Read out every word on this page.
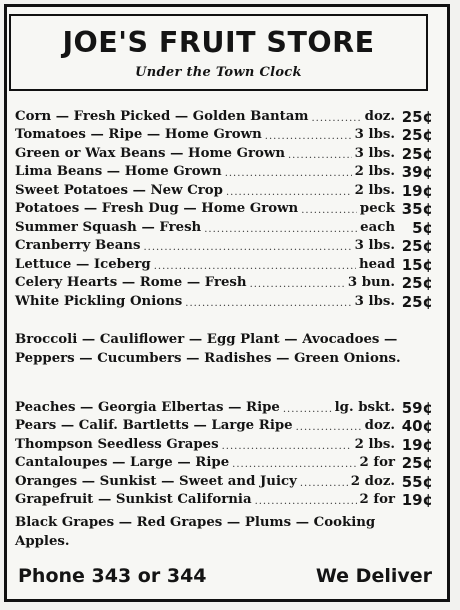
JOE'S FRUIT STORE
Under the Town Clock
Corn — Fresh Picked — Golden Bantam .....	doz. 25¢
Tomatoes — Ripe — Home Grown .....	3 lbs. 25¢
Green or Wax Beans — Home Grown .....	3 lbs. 25¢
Lima Beans — Home Grown .....	2 lbs. 39¢
Sweet Potatoes — New Crop .....	2 lbs. 19¢
Potatoes — Fresh Dug — Home Grown .....	peck 35¢
Summer Squash — Fresh .....	each	5¢
Cranberry Beans .....	3 lbs. 25¢
Lettuce — Iceberg .....	head 15¢
Celery Hearts — Rome — Fresh .....	3 bun. 25¢
White Pickling Onions .....	3 lbs. 25¢
Broccoli — Cauliflower — Egg Plant — Avocadoes — Peppers — Cucumbers — Radishes — Green Onions.
Peaches — Georgia Elbertas — Ripe .....	lg. bskt. 59¢
Pears — Calif. Bartletts — Large Ripe .....	doz. 40¢
Thompson Seedless Grapes .....	2 lbs. 19¢
Cantaloupes — Large — Ripe .....	2 for 25¢
Oranges — Sunkist — Sweet and Juicy .....	2 doz. 55¢
Grapefruit — Sunkist California .....	2 for 19¢
Black Grapes — Red Grapes — Plums — Cooking Apples.
Phone 343 or 344	We Deliver
